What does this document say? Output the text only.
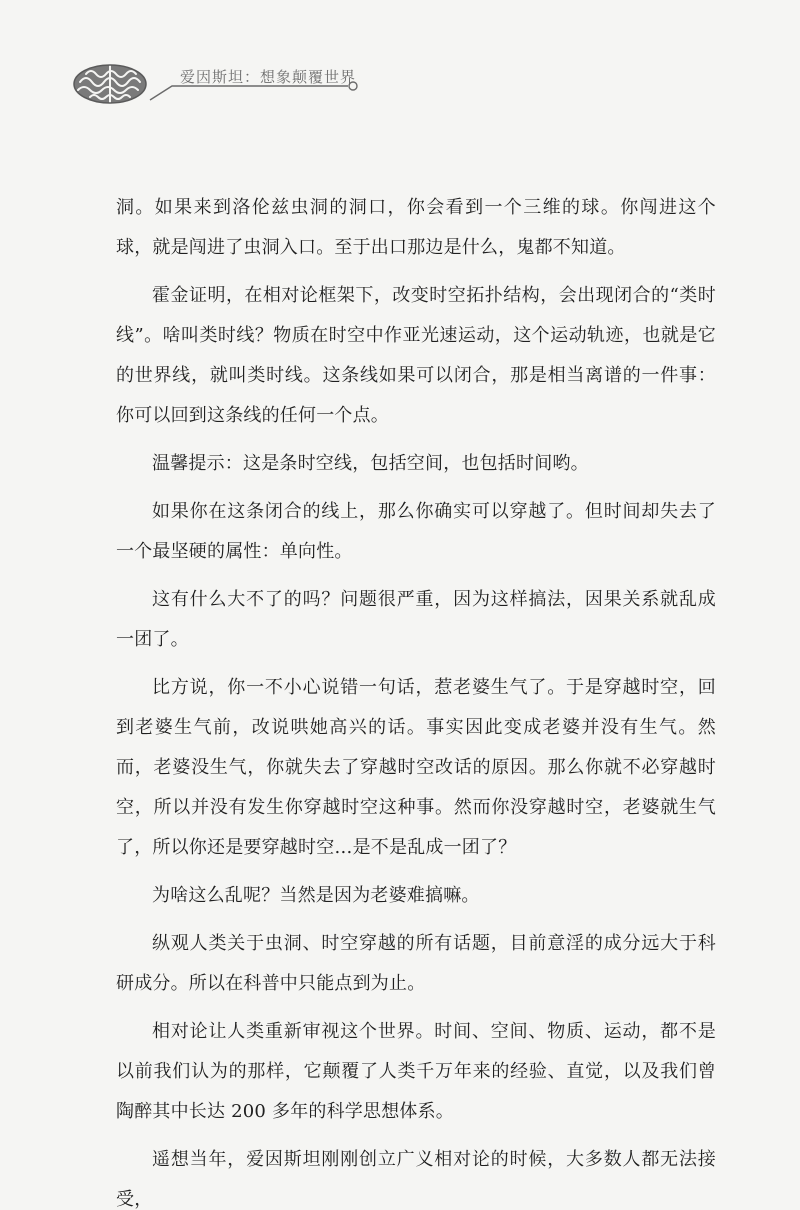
爱因斯坦：想象颠覆世界

洞。如果来到洛伦兹虫洞的洞口，你会看到一个三维的球。你闯进这个球，就是闯进了虫洞入口。至于出口那边是什么，鬼都不知道。

霍金证明，在相对论框架下，改变时空拓扑结构，会出现闭合的“类时线”。啥叫类时线？物质在时空中作亚光速运动，这个运动轨迹，也就是它的世界线，就叫类时线。这条线如果可以闭合，那是相当离谱的一件事：你可以回到这条线的任何一个点。

温馨提示：这是条时空线，包括空间，也包括时间哟。

如果你在这条闭合的线上，那么你确实可以穿越了。但时间却失去了一个最坚硬的属性：单向性。

这有什么大不了的吗？问题很严重，因为这样搞法，因果关系就乱成一团了。

比方说，你一不小心说错一句话，惹老婆生气了。于是穿越时空，回到老婆生气前，改说哄她高兴的话。事实因此变成老婆并没有生气。然而，老婆没生气，你就失去了穿越时空改话的原因。那么你就不必穿越时空，所以并没有发生你穿越时空这种事。然而你没穿越时空，老婆就生气了，所以你还是要穿越时空…是不是乱成一团了？

为啥这么乱呢？当然是因为老婆难搞嘛。

纵观人类关于虫洞、时空穿越的所有话题，目前意淫的成分远大于科研成分。所以在科普中只能点到为止。

相对论让人类重新审视这个世界。时间、空间、物质、运动，都不是以前我们认为的那样，它颠覆了人类千万年来的经验、直觉，以及我们曾陶醉其中长达 200 多年的科学思想体系。

遥想当年，爱因斯坦刚刚创立广义相对论的时候，大多数人都无法接受，
